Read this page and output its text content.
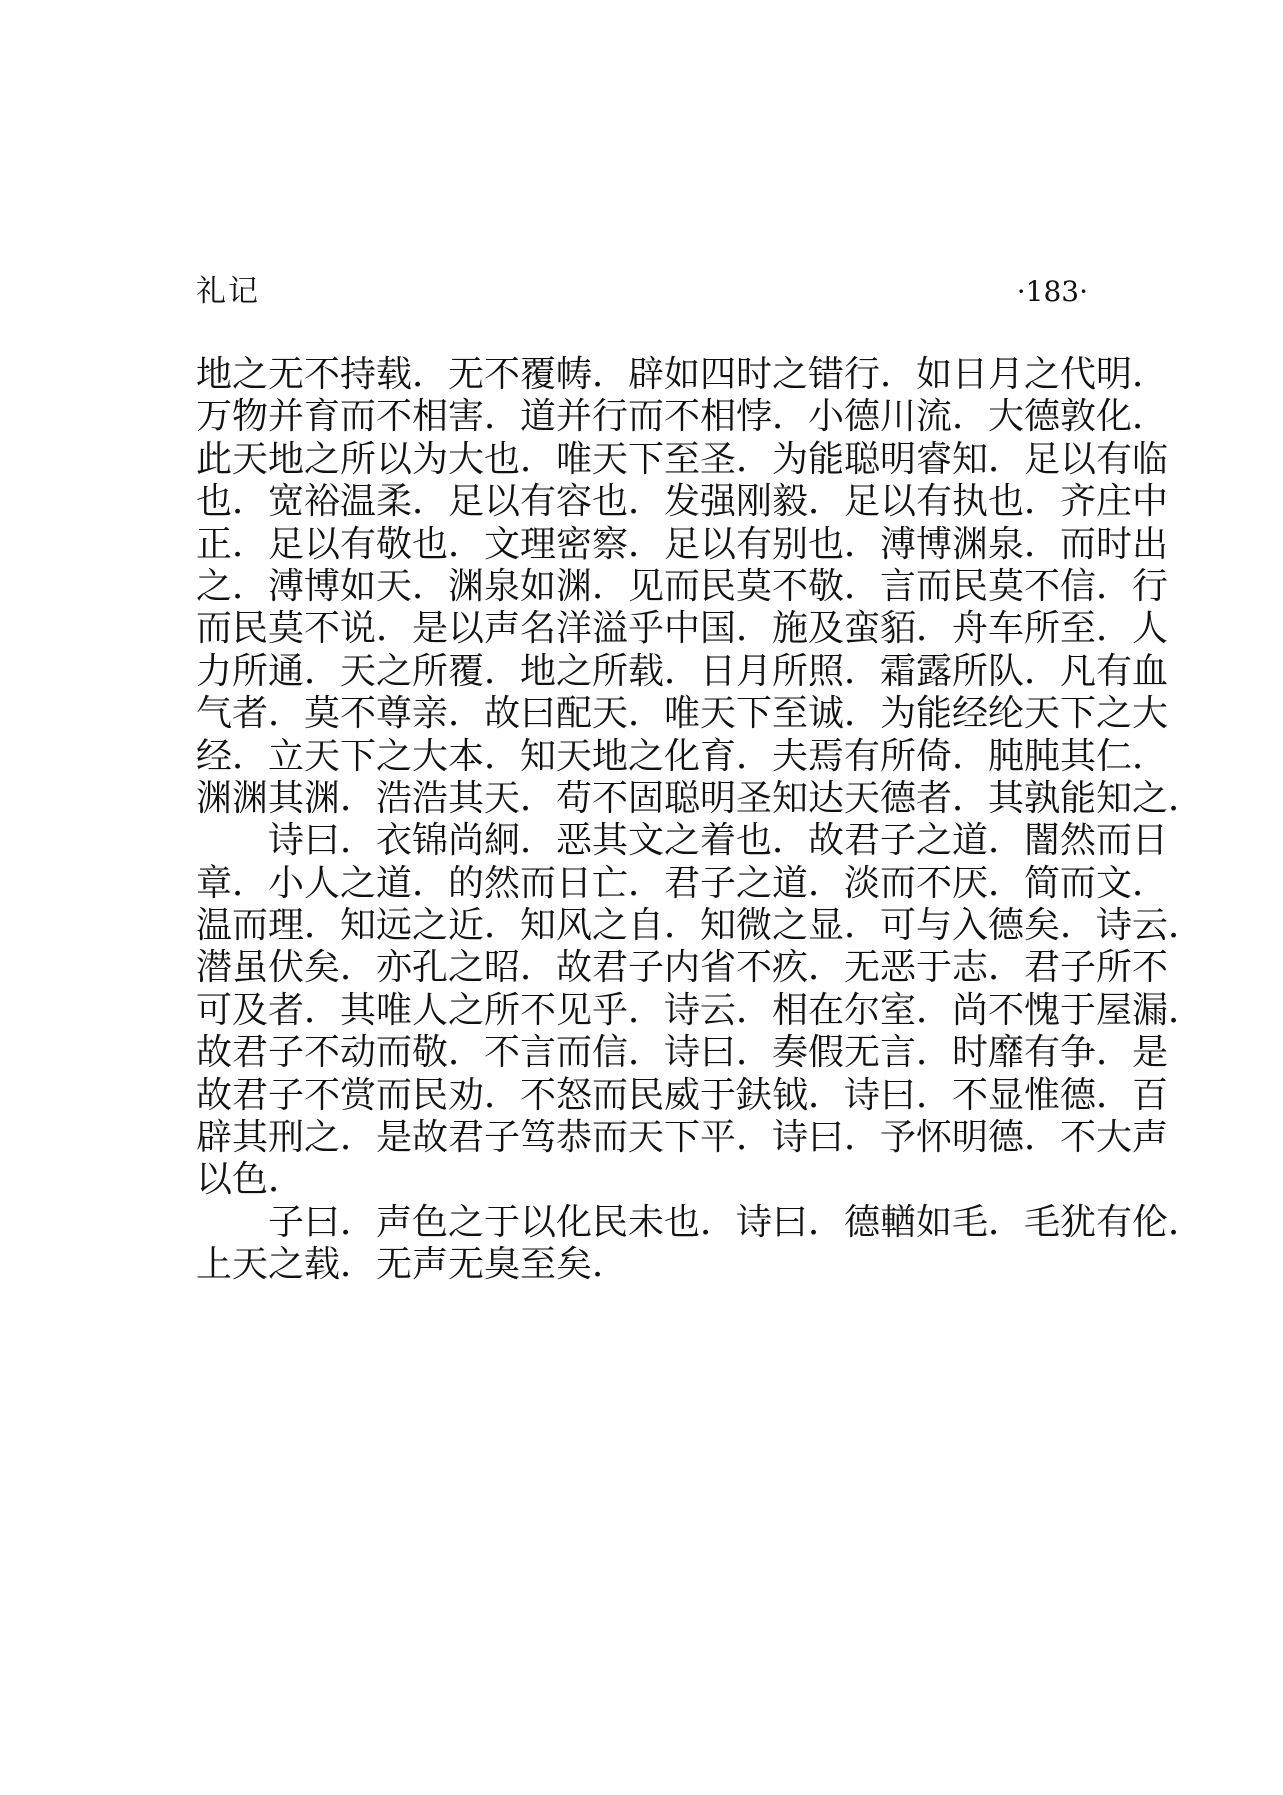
礼记	·183·
地之无不持载．无不覆帱．辟如四时之错行．如日月之代明．
万物并育而不相害．道并行而不相悖．小德川流．大德敦化．
此天地之所以为大也．唯天下至圣．为能聪明睿知．足以有临
也．宽裕温柔．足以有容也．发强刚毅．足以有执也．齐庄中
正．足以有敬也．文理密察．足以有别也．溥博渊泉．而时出
之．溥博如天．渊泉如渊．见而民莫不敬．言而民莫不信．行
而民莫不说．是以声名洋溢乎中国．施及蛮貊．舟车所至．人
力所通．天之所覆．地之所载．日月所照．霜露所队．凡有血
气者．莫不尊亲．故曰配天．唯天下至诚．为能经纶天下之大
经．立天下之大本．知天地之化育．夫焉有所倚．肫肫其仁．
渊渊其渊．浩浩其天．苟不固聪明圣知达天德者．其孰能知之．
诗曰．衣锦尚絅．恶其文之着也．故君子之道．闇然而日
章．小人之道．的然而日亡．君子之道．淡而不厌．简而文．
温而理．知远之近．知风之自．知微之显．可与入德矣．诗云．
潜虽伏矣．亦孔之昭．故君子内省不疚．无恶于志．君子所不
可及者．其唯人之所不见乎．诗云．相在尔室．尚不愧于屋漏．
故君子不动而敬．不言而信．诗曰．奏假无言．时靡有争．是
故君子不赏而民劝．不怒而民威于鈇钺．诗曰．不显惟德．百
辟其刑之．是故君子笃恭而天下平．诗曰．予怀明德．不大声
以色．
子曰．声色之于以化民未也．诗曰．德輶如毛．毛犹有伦．
上天之载．无声无臭至矣．
